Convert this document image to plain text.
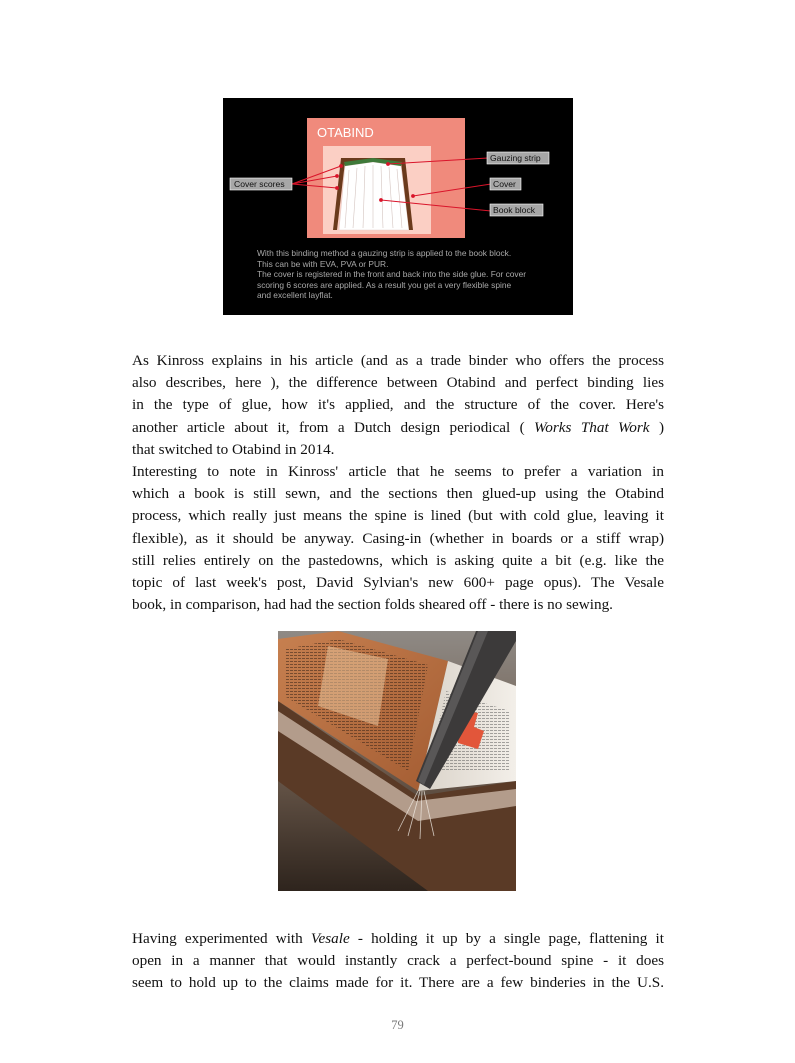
OTABIND
Cover scores
Gauzing strip
Cover
Book block
With this binding method a gauzing strip is applied to the book block.
This can be with EVA, PVA or PUR.
The cover is registered in the front and back into the side glue. For cover
scoring 6 scores are applied. As a result you get a very flexible spine
and excellent layflat.
As Kinross explains in his article (and as a trade binder who offers the process
also describes, here ), the difference between Otabind and perfect binding lies
in the type of glue, how it's applied, and the structure of the cover. Here's
another article about it, from a Dutch design periodical ( Works That Work )
that switched to Otabind in 2014.
Interesting to note in Kinross' article that he seems to prefer a variation in
which a book is still sewn, and the sections then glued-up using the Otabind
process, which really just means the spine is lined (but with cold glue, leaving it
flexible), as it should be anyway. Casing-in (whether in boards or a stiff wrap)
still relies entirely on the pastedowns, which is asking quite a bit (e.g. like the
topic of last week's post, David Sylvian's new 600+ page opus). The Vesale
book, in comparison, had had the section folds sheared off - there is no sewing.
Having experimented with Vesale - holding it up by a single page, flattening it
open in a manner that would instantly crack a perfect-bound spine - it does
seem to hold up to the claims made for it. There are a few binderies in the U.S.
79
